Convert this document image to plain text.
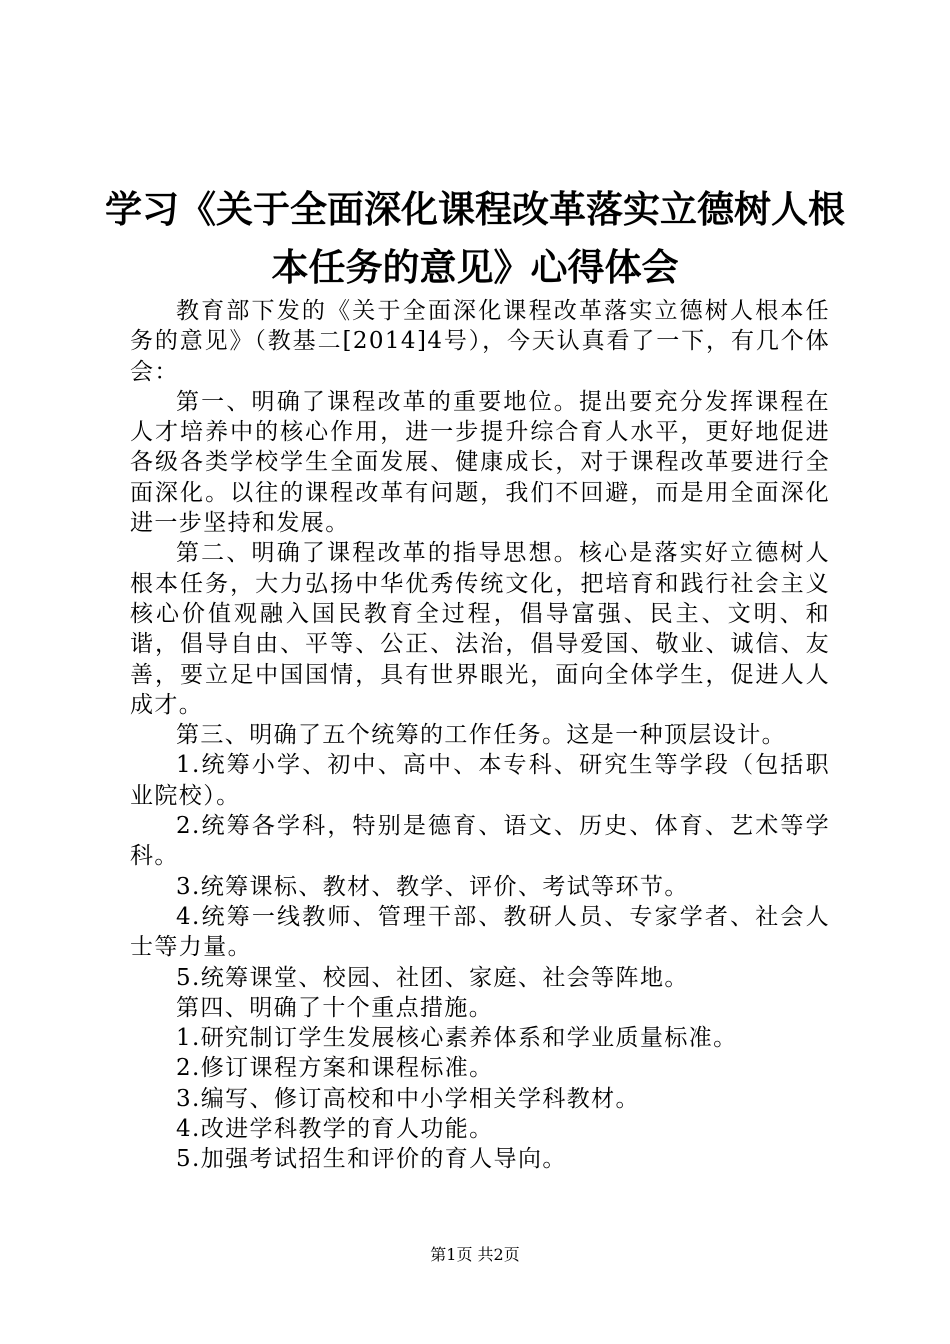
学习《关于全面深化课程改革落实立德树人根
本任务的意见》心得体会

教育部下发的《关于全面深化课程改革落实立德树人根本任务的意见》（教基二[2014]4号），今天认真看了一下，有几个体会：

第一、明确了课程改革的重要地位。提出要充分发挥课程在人才培养中的核心作用，进一步提升综合育人水平，更好地促进各级各类学校学生全面发展、健康成长，对于课程改革要进行全面深化。以往的课程改革有问题，我们不回避，而是用全面深化进一步坚持和发展。

第二、明确了课程改革的指导思想。核心是落实好立德树人根本任务，大力弘扬中华优秀传统文化，把培育和践行社会主义核心价值观融入国民教育全过程，倡导富强、民主、文明、和谐，倡导自由、平等、公正、法治，倡导爱国、敬业、诚信、友善，要立足中国国情，具有世界眼光，面向全体学生，促进人人成才。

第三、明确了五个统筹的工作任务。这是一种顶层设计。

1.统筹小学、初中、高中、本专科、研究生等学段（包括职业院校）。

2.统筹各学科，特别是德育、语文、历史、体育、艺术等学科。

3.统筹课标、教材、教学、评价、考试等环节。

4.统筹一线教师、管理干部、教研人员、专家学者、社会人士等力量。

5.统筹课堂、校园、社团、家庭、社会等阵地。

第四、明确了十个重点措施。

1.研究制订学生发展核心素养体系和学业质量标准。

2.修订课程方案和课程标准。

3.编写、修订高校和中小学相关学科教材。

4.改进学科教学的育人功能。

5.加强考试招生和评价的育人导向。

第1页 共2页
